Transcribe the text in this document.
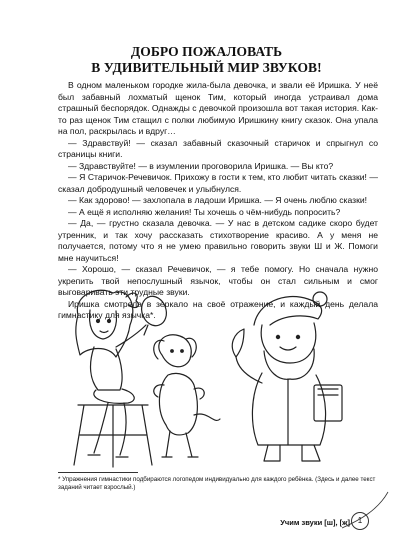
ДОБРО ПОЖАЛОВАТЬ
В УДИВИТЕЛЬНЫЙ МИР ЗВУКОВ!

В одном маленьком городке жила-была девочка, и звали её Иришка. У неё был забавный лохматый щенок Тим, который иногда устраивал дома страшный беспорядок. Однажды с девочкой произошла вот такая история. Как-то раз щенок Тим стащил с полки любимую Иришкину книгу сказок. Она упала на пол, раскрылась и вдруг…

— Здравствуй! — сказал забавный сказочный старичок и спрыгнул со страницы книги.

— Здравствуйте! — в изумлении проговорила Иришка. — Вы кто?

— Я Старичок-Речевичок. Прихожу в гости к тем, кто любит читать сказки! — сказал добродушный человечек и улыбнулся.

— Как здорово! — захлопала в ладоши Иришка. — Я очень люблю сказки!

— А ещё я исполняю желания! Ты хочешь о чём-нибудь попросить?

— Да, — грустно сказала девочка. — У нас в детском садике скоро будет утренник, и так хочу рассказать стихотворение красиво. А у меня не получается, потому что я не умею правильно говорить звуки Ш и Ж. Помоги мне научиться!

— Хорошо, — сказал Речевичок, — я тебе помогу. Но сначала нужно укрепить твой непослушный язычок, чтобы он стал сильным и смог выговаривать эти трудные звуки.

Иришка смотрела в зеркало на своё отражение, и каждый день делала гимнастику для язычка*.

* Упражнения гимнастики подбираются логопедом индивидуально для каждого ребёнка. (Здесь и далее текст заданий читает взрослый.)
Учим звуки [ш], [ж] 1
